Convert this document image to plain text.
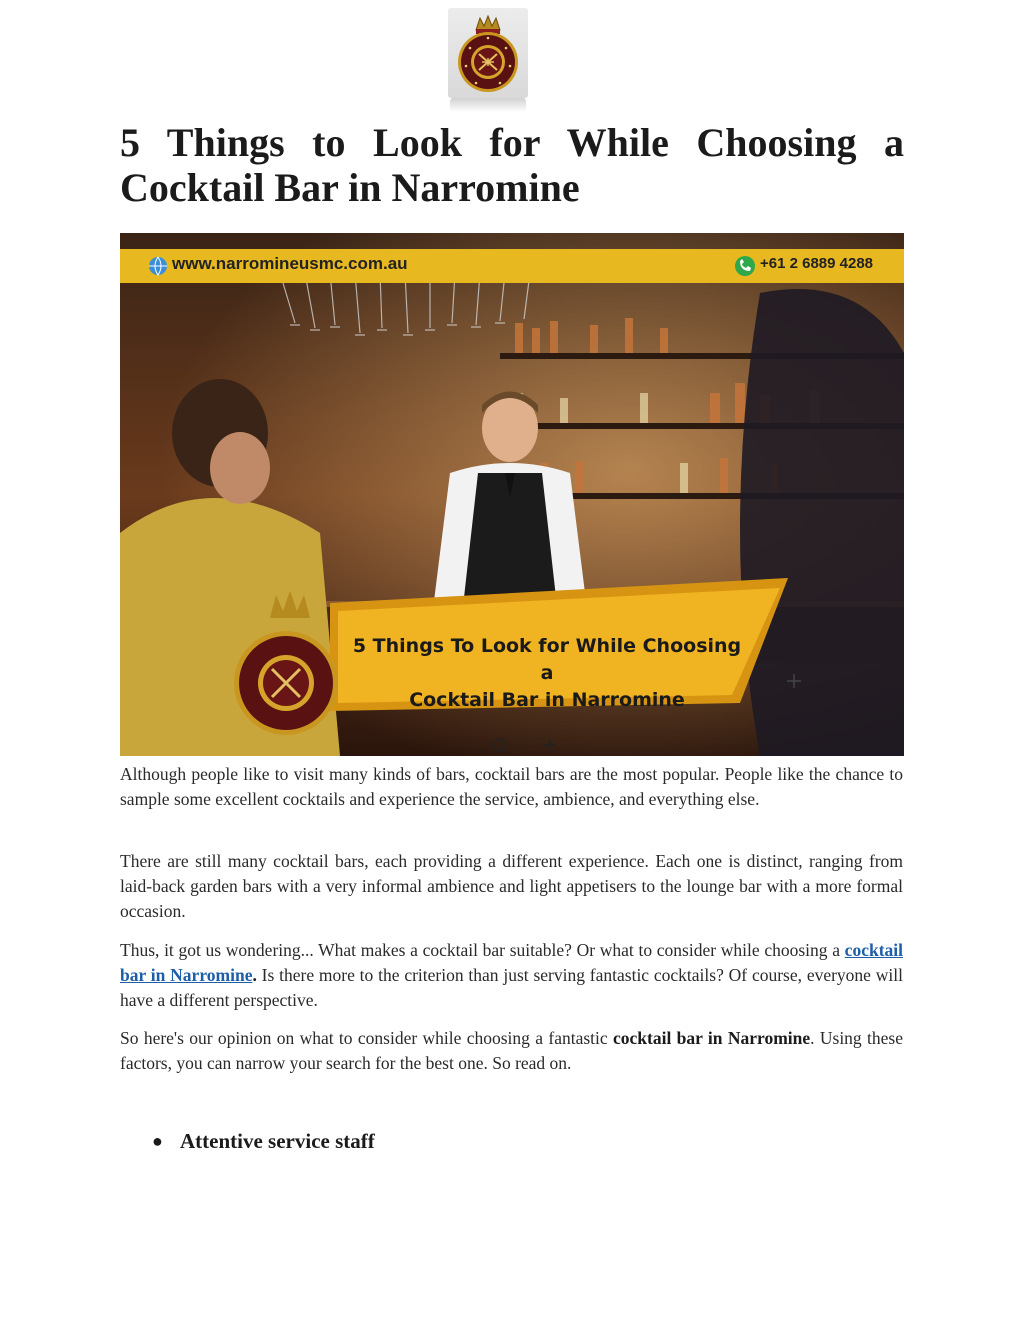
5 Things to Look for While Choosing a Cocktail Bar in Narromine
www.narromineusmc.com.au	+61 2 6889 4288
5 Things To Look for While Choosing a
Cocktail Bar in Narromine

Although people like to visit many kinds of bars, cocktail bars are the most popular. People like the chance to sample some excellent cocktails and experience the service, ambience, and everything else.

There are still many cocktail bars, each providing a different experience. Each one is distinct, ranging from laid-back garden bars with a very informal ambience and light appetisers to the lounge bar with a more formal occasion.

Thus, it got us wondering... What makes a cocktail bar suitable? Or what to consider while choosing a cocktail bar in Narromine. Is there more to the criterion than just serving fantastic cocktails? Of course, everyone will have a different perspective.

So here's our opinion on what to consider while choosing a fantastic cocktail bar in Narromine. Using these factors, you can narrow your search for the best one. So read on.

● Attentive service staff
